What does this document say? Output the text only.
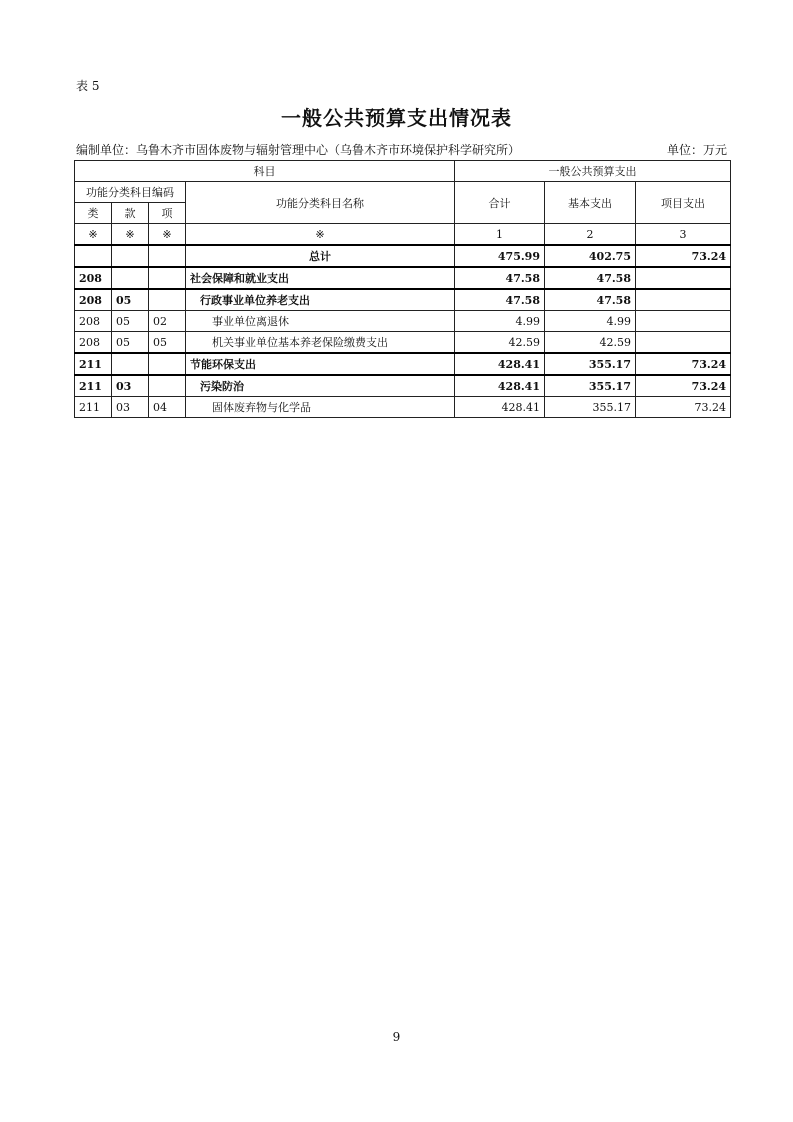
表 5
一般公共预算支出情况表
编制单位：乌鲁木齐市固体废物与辐射管理中心（乌鲁木齐市环境保护科学研究所）	单位：万元
科目				一般公共预算支出		
功能分类科目编码			功能分类科目名称	合计	基本支出	项目支出
类	款	项				
※	※	※	※	1	2	3
			总计	475.99	402.75	73.24
208			社会保障和就业支出	47.58	47.58	
208	05		行政事业单位养老支出	47.58	47.58	
208	05	02	事业单位离退休	4.99	4.99	
208	05	05	机关事业单位基本养老保险缴费支出	42.59	42.59	
211			节能环保支出	428.41	355.17	73.24
211	03		污染防治	428.41	355.17	73.24
211	03	04	固体废弃物与化学品	428.41	355.17	73.24
9
